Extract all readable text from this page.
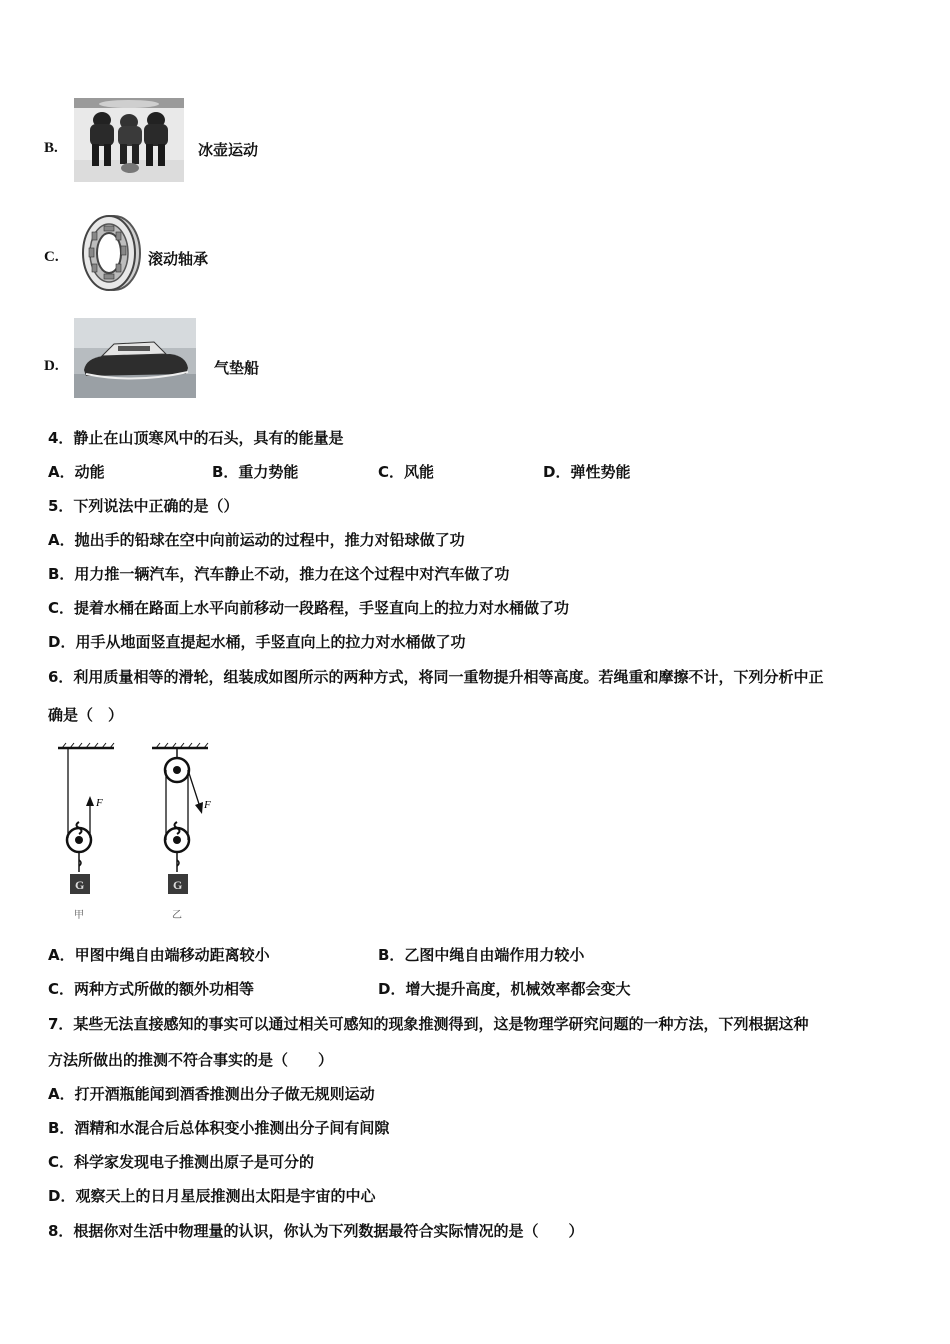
B.	冰壶运动
C.	滚动轴承
D.	气垫船
4．静止在山顶寒风中的石头，具有的能量是
A．动能	B．重力势能	C．风能	D．弹性势能
5．下列说法中正确的是（）
A．抛出手的铅球在空中向前运动的过程中，推力对铅球做了功
B．用力推一辆汽车，汽车静止不动，推力在这个过程中对汽车做了功
C．提着水桶在路面上水平向前移动一段路程，手竖直向上的拉力对水桶做了功
D．用手从地面竖直提起水桶，手竖直向上的拉力对水桶做了功
6．利用质量相等的滑轮，组装成如图所示的两种方式，将同一重物提升相等高度。若绳重和摩擦不计，下列分析中正
确是（　）
F
G
甲
F
G
乙
A．甲图中绳自由端移动距离较小	B．乙图中绳自由端作用力较小
C．两种方式所做的额外功相等	D．增大提升高度，机械效率都会变大
7．某些无法直接感知的事实可以通过相关可感知的现象推测得到，这是物理学研究问题的一种方法，下列根据这种
方法所做出的推测不符合事实的是（　　）
A．打开酒瓶能闻到酒香推测出分子做无规则运动
B．酒精和水混合后总体积变小推测出分子间有间隙
C．科学家发现电子推测出原子是可分的
D．观察天上的日月星辰推测出太阳是宇宙的中心
8．根据你对生活中物理量的认识，你认为下列数据最符合实际情况的是（　　）
